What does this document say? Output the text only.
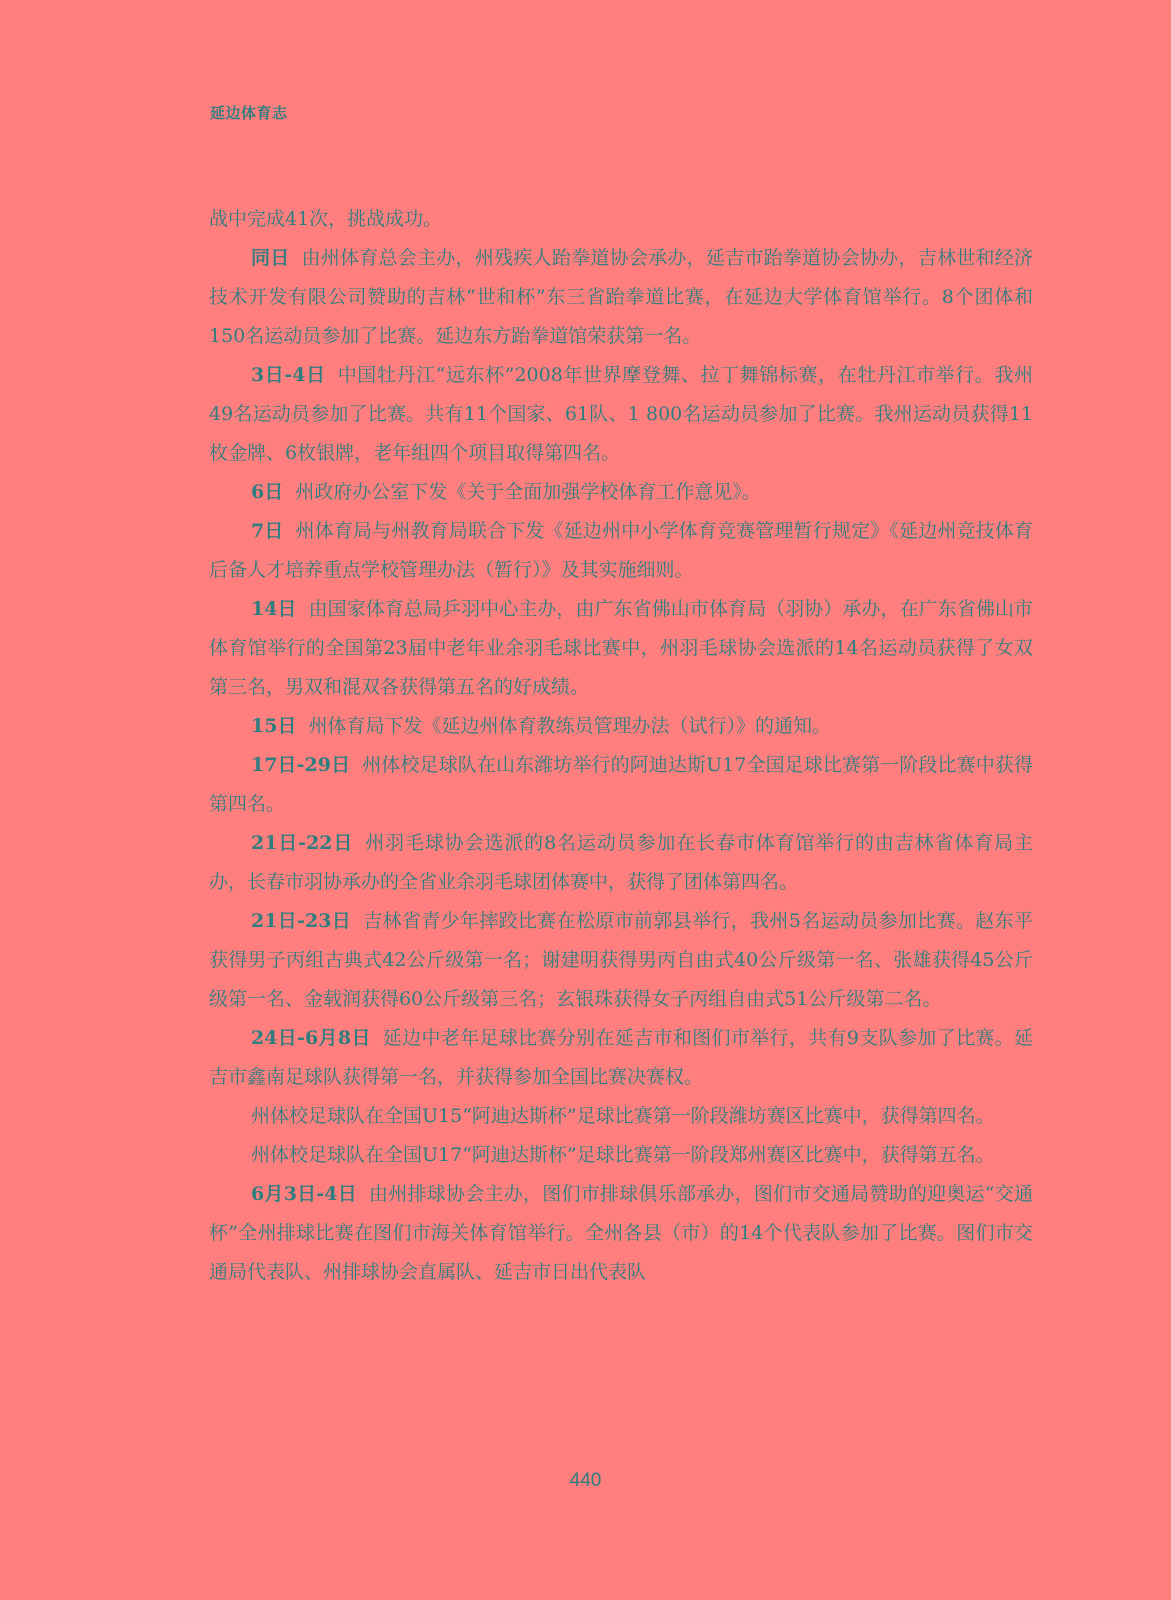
延边体育志

战中完成41次，挑战成功。

同日 由州体育总会主办，州残疾人跆拳道协会承办，延吉市跆拳道协会协办，吉林世和经济技术开发有限公司赞助的吉林“世和杯”东三省跆拳道比赛，在延边大学体育馆举行。8个团体和150名运动员参加了比赛。延边东方跆拳道馆荣获第一名。

3日-4日 中国牡丹江“远东杯”2008年世界摩登舞、拉丁舞锦标赛，在牡丹江市举行。我州49名运动员参加了比赛。共有11个国家、61队、1 800名运动员参加了比赛。我州运动员获得11枚金牌、6枚银牌，老年组四个项目取得第四名。

6日 州政府办公室下发《关于全面加强学校体育工作意见》。

7日 州体育局与州教育局联合下发《延边州中小学体育竞赛管理暂行规定》《延边州竞技体育后备人才培养重点学校管理办法（暂行）》及其实施细则。

14日 由国家体育总局乒羽中心主办，由广东省佛山市体育局（羽协）承办，在广东省佛山市体育馆举行的全国第23届中老年业余羽毛球比赛中，州羽毛球协会选派的14名运动员获得了女双第三名，男双和混双各获得第五名的好成绩。

15日 州体育局下发《延边州体育教练员管理办法（试行）》的通知。

17日-29日 州体校足球队在山东潍坊举行的阿迪达斯U17全国足球比赛第一阶段比赛中获得第四名。

21日-22日 州羽毛球协会选派的8名运动员参加在长春市体育馆举行的由吉林省体育局主办，长春市羽协承办的全省业余羽毛球团体赛中，获得了团体第四名。

21日-23日 吉林省青少年摔跤比赛在松原市前郭县举行，我州5名运动员参加比赛。赵东平获得男子丙组古典式42公斤级第一名；谢建明获得男丙自由式40公斤级第一名、张雄获得45公斤级第一名、金载润获得60公斤级第三名；玄银珠获得女子丙组自由式51公斤级第二名。

24日-6月8日 延边中老年足球比赛分别在延吉市和图们市举行，共有9支队参加了比赛。延吉市鑫南足球队获得第一名，并获得参加全国比赛决赛权。

州体校足球队在全国U15“阿迪达斯杯”足球比赛第一阶段潍坊赛区比赛中，获得第四名。

州体校足球队在全国U17“阿迪达斯杯”足球比赛第一阶段郑州赛区比赛中，获得第五名。

6月3日-4日 由州排球协会主办，图们市排球俱乐部承办，图们市交通局赞助的迎奥运“交通杯”全州排球比赛在图们市海关体育馆举行。全州各县（市）的14个代表队参加了比赛。图们市交通局代表队、州排球协会直属队、延吉市日出代表队

440
